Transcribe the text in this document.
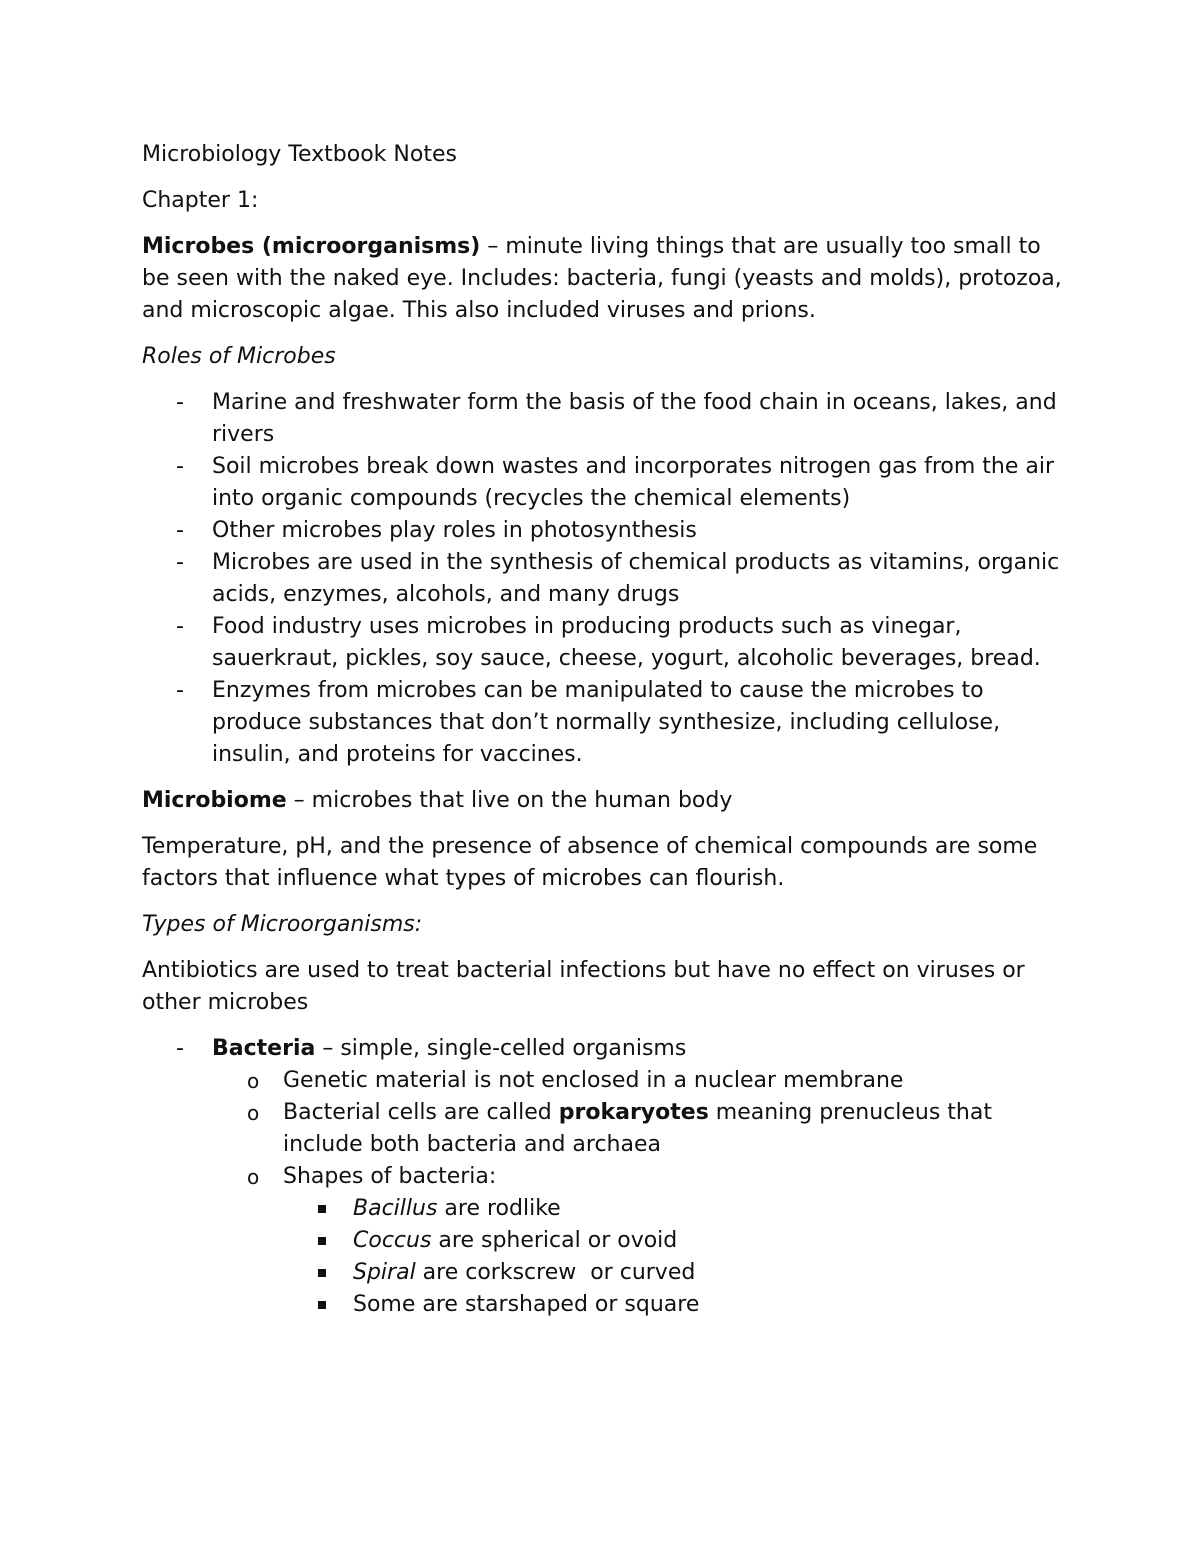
Microbiology Textbook Notes

Chapter 1:

Microbes (microorganisms) – minute living things that are usually too small to be seen with the naked eye. Includes: bacteria, fungi (yeasts and molds), protozoa, and microscopic algae. This also included viruses and prions.

Roles of Microbes

- Marine and freshwater form the basis of the food chain in oceans, lakes, and rivers
- Soil microbes break down wastes and incorporates nitrogen gas from the air into organic compounds (recycles the chemical elements)
- Other microbes play roles in photosynthesis
- Microbes are used in the synthesis of chemical products as vitamins, organic acids, enzymes, alcohols, and many drugs
- Food industry uses microbes in producing products such as vinegar, sauerkraut, pickles, soy sauce, cheese, yogurt, alcoholic beverages, bread.
- Enzymes from microbes can be manipulated to cause the microbes to produce substances that don’t normally synthesize, including cellulose, insulin, and proteins for vaccines.

Microbiome – microbes that live on the human body

Temperature, pH, and the presence of absence of chemical compounds are some factors that influence what types of microbes can flourish.

Types of Microorganisms:

Antibiotics are used to treat bacterial infections but have no effect on viruses or other microbes

- Bacteria – simple, single-celled organisms
o Genetic material is not enclosed in a nuclear membrane
o Bacterial cells are called prokaryotes meaning prenucleus that include both bacteria and archaea
o Shapes of bacteria:
Bacillus are rodlike
Coccus are spherical or ovoid
Spiral are corkscrew  or curved
Some are starshaped or square
